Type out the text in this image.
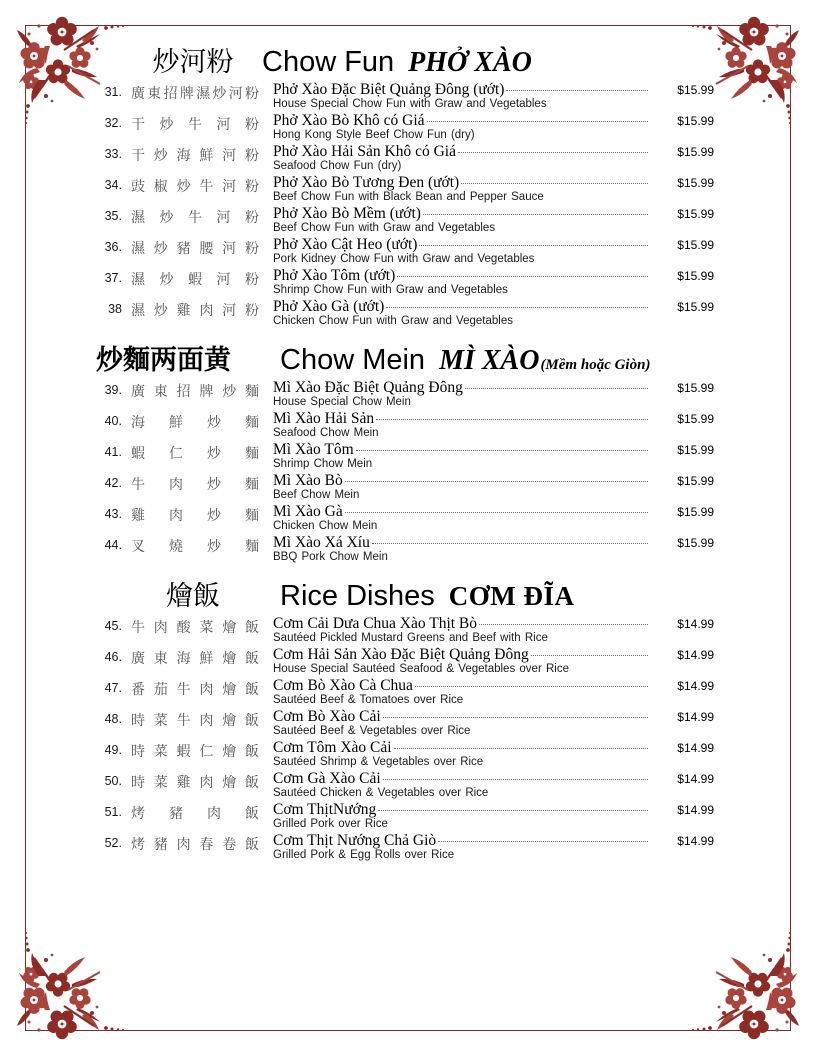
炒河粉 Chow Fun PHỞ XÀO
31. 廣 東 招 牌 濕 炒 河 粉 Phở Xào Đặc Biệt Quảng Đông (ướt)	$15.99
House Special Chow Fun with Graw and Vegetables
32. 干 炒 牛 河 粉 Phở Xào Bò Khô có Giá	$15.99
Hong Kong Style Beef Chow Fun (dry)
33. 干 炒 海 鮮 河 粉 Phở Xào Hải Sản Khô có Giá	$15.99
Seafood Chow Fun (dry)
34. 豉 椒 炒 牛 河 粉 Phở Xào Bò Tương Đen (ướt)	$15.99
Beef Chow Fun with Black Bean and Pepper Sauce
35. 濕 炒 牛 河 粉 Phở Xào Bò Mềm (ướt)	$15.99
Beef Chow Fun with Graw and Vegetables
36. 濕 炒 豬 腰 河 粉 Phở Xào Cật Heo (ướt)	$15.99
Pork Kidney Chow Fun with Graw and Vegetables
37. 濕 炒 蝦 河 粉 Phở Xào Tôm (ướt)	$15.99
Shrimp Chow Fun with Graw and Vegetables
38 濕 炒 雞 肉 河 粉 Phở Xào Gà (ướt)	$15.99
Chicken Chow Fun with Graw and Vegetables
炒麵两面黄	Chow Mein MÌ XÀO (Mềm hoặc Giòn)
39. 廣 東 招 牌 炒 麵 Mì Xào Đặc Biệt Quảng Đông	$15.99
House Special Chow Mein
40. 海 鮮 炒 麵 Mì Xào Hải Sản	$15.99
Seafood Chow Mein
41. 蝦 仁 炒 麵 Mì Xào Tôm	$15.99
Shrimp Chow Mein
42. 牛 肉 炒 麵 Mì Xào Bò	$15.99
Beef Chow Mein
43. 雞 肉 炒 麵 Mì Xào Gà	$15.99
Chicken Chow Mein
44. 叉 燒 炒 麵 Mì Xào Xá Xíu	$15.99
BBQ Pork Chow Mein
燴飯	Rice Dishes CƠM ĐĨA
45. 牛 肉 酸 菜 燴 飯 Cơm Cải Dưa Chua Xào Thịt Bò	$14.99
Sautéed Pickled Mustard Greens and Beef with Rice
46. 廣 東 海 鮮 燴 飯 Cơm Hải Sản Xào Đặc Biệt Quảng Đông	$14.99
House Special Sautéed Seafood & Vegetables over Rice
47. 番 茄 牛 肉 燴 飯 Cơm Bò Xào Cà Chua	$14.99
Sautéed Beef & Tomatoes over Rice
48. 時 菜 牛 肉 燴 飯 Cơm Bò Xào Cải	$14.99
Sautéed Beef & Vegetables over Rice
49. 時 菜 蝦 仁 燴 飯 Cơm Tôm Xào Cải	$14.99
Sautéed Shrimp & Vegetables over Rice
50. 時 菜 雞 肉 燴 飯 Cơm Gà Xào Cải	$14.99
Sautéed Chicken & Vegetables over Rice
51. 烤 豬 肉 飯 Cơm ThịtNướng	$14.99
Grilled Pork over Rice
52. 烤 豬 肉 春 卷 飯 Cơm Thịt Nướng Chả Giò	$14.99
Grilled Pork & Egg Rolls over Rice
